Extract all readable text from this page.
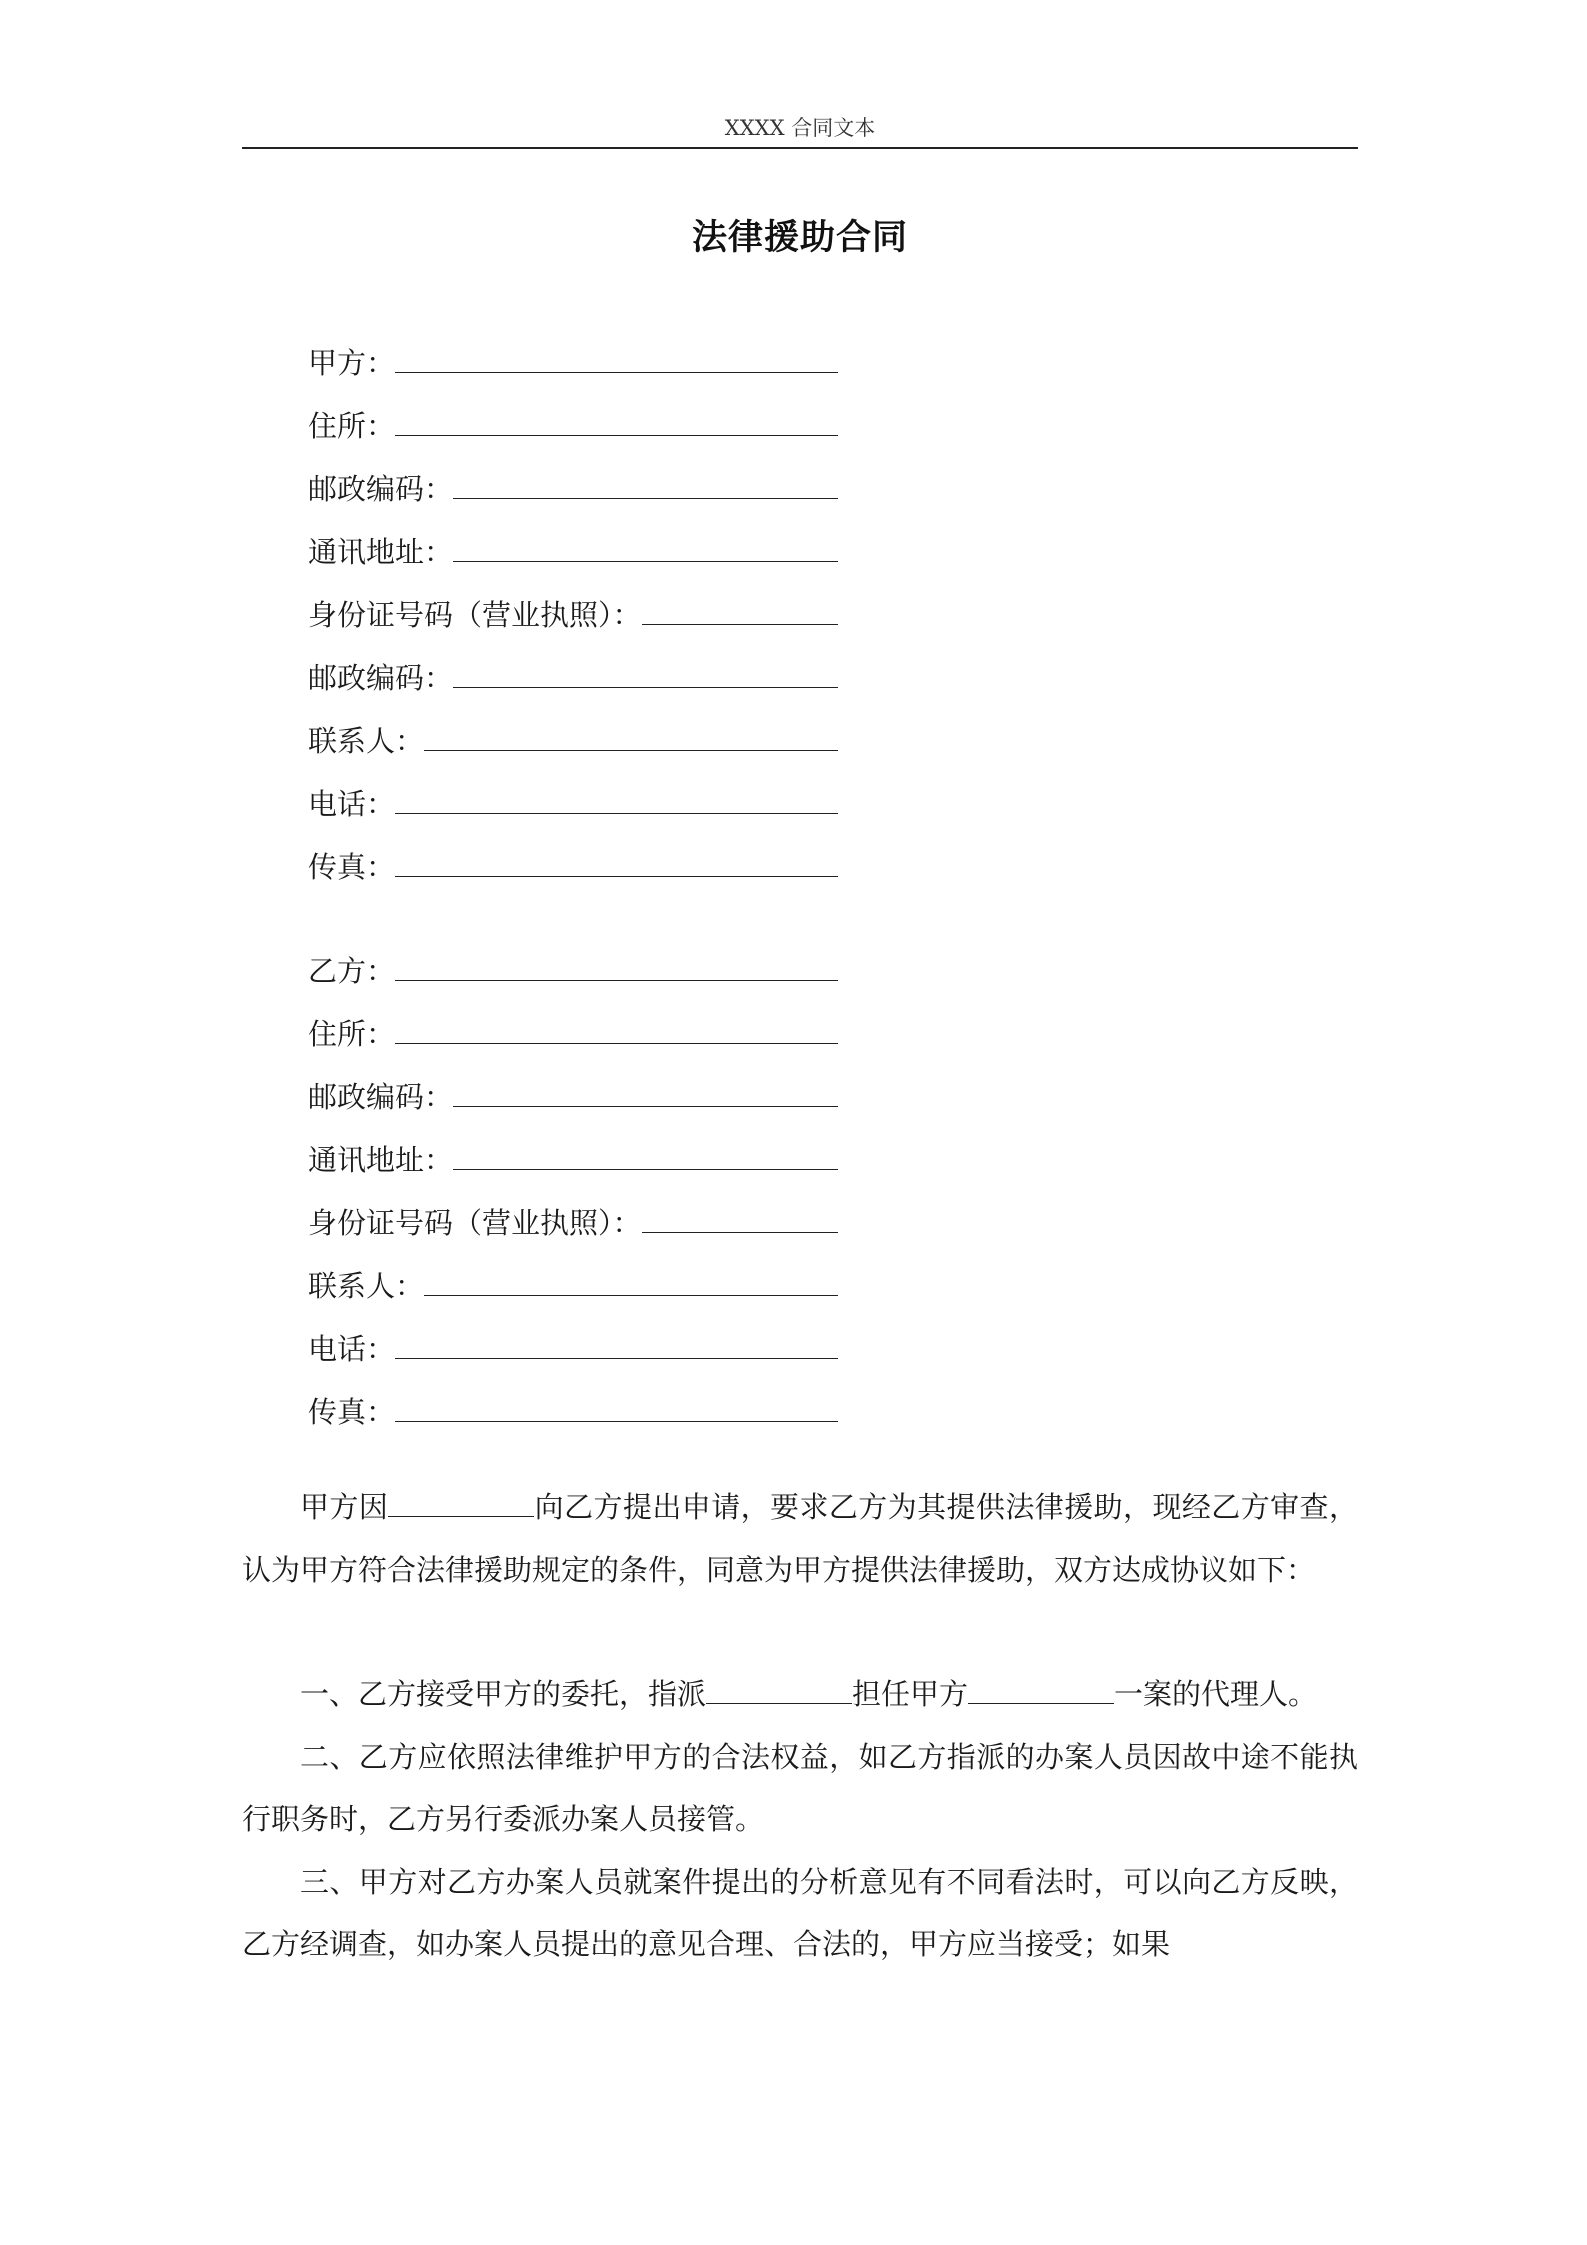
XXXX 合同文本
法律援助合同
甲方：
住所：
邮政编码：
通讯地址：
身份证号码（营业执照）：
邮政编码：
联系人：
电话：
传真：
乙方：
住所：
邮政编码：
通讯地址：
身份证号码（营业执照）：
联系人：
电话：
传真：

甲方因	向乙方提出申请，要求乙方为其提供法律援助，现经乙方审查，认为甲方符合法律援助规定的条件，同意为甲方提供法律援助，双方达成协议如下：

一、乙方接受甲方的委托，指派	担任甲方	一案的代理人。

二、乙方应依照法律维护甲方的合法权益，如乙方指派的办案人员因故中途不能执行职务时，乙方另行委派办案人员接管。

三、甲方对乙方办案人员就案件提出的分析意见有不同看法时，可以向乙方反映，乙方经调查，如办案人员提出的意见合理、合法的，甲方应当接受；如果
